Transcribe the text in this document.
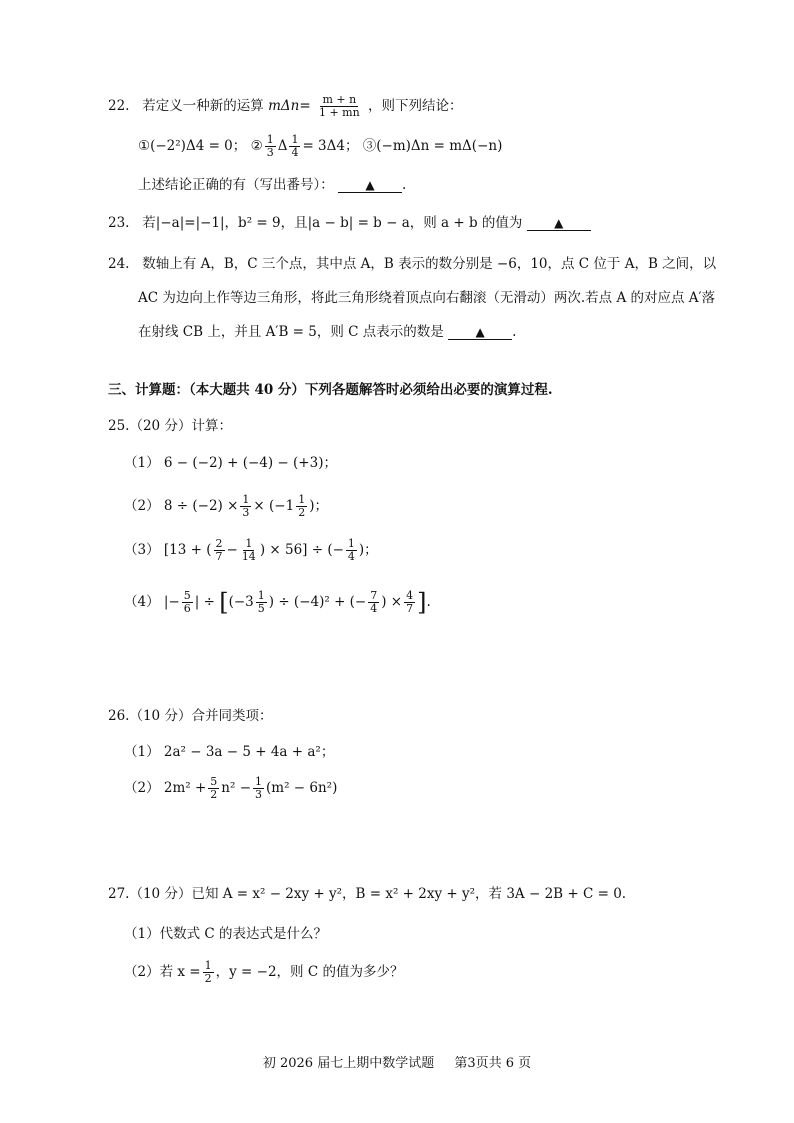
22. 若定义一种新的运算 $m\Delta n= \frac{m + n}{1 + mn}$ ，则下列结论：
①(−2²)Δ4 = 0； ② $\frac{1}{3}$ Δ $\frac{1}{4} = 3\Delta 4$； ③(−m)Δn = mΔ(−n)
上述结论正确的有（写出番号）：	▲ .
23. 若|−a|=|−1|，b² = 9，且|a − b| = b − a，则 a + b 的值为	▲
24. 数轴上有 A，B，C 三个点，其中点 A，B 表示的数分别是 −6，10，点 C 位于 A，B 之间，以
AC 为边向上作等边三角形，将此三角形绕着顶点向右翻滚（无滑动）两次.若点 A 的对应点 A′落
在射线 CB 上，并且 A′B = 5，则 C 点表示的数是	▲ .
三、计算题：（本大题共 40 分）下列各题解答时必须给出必要的演算过程.
25.（20 分）计算：
（1） 6 − (−2) + (−4) − (+3)；
（2） $8 \div (-2) \times \frac{1}{3} \times (-1 \frac{1}{2}$ )；
（3） [13 + ( $\frac{2}{7} - \frac{1}{14}$ ) × 56] ÷ (− $\frac{1}{4}$ )；
（4） |− $\frac{5}{6}$ | ÷ [($-3 \frac{1}{5}$ ) ÷ (−4)² + (− $\frac{7}{4}$ ) × $\frac{4}{7}$ ].
26.（10 分）合并同类项：
（1） 2a² − 3a − 5 + 4a + a²；
（2） $2m^2 + \frac{5}{2} n^2 - \frac{1}{3} (m^2 - 6n^2)$
27.（10 分）已知 A = x² − 2xy + y²，B = x² + 2xy + y²，若 3A − 2B + C = 0.
（1）代数式 C 的表达式是什么？
（2）若 $x = \frac{1}{2}$ ，y = −2，则 C 的值为多少？
初 2026 届七上期中数学试题 第3页共 6 页
